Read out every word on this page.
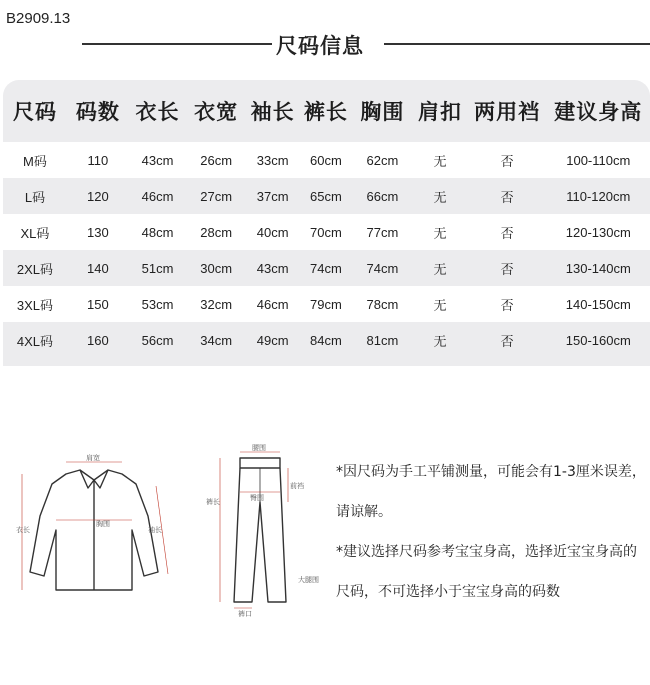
B2909.13
尺码信息
尺码	码数	衣长	衣宽	袖长	裤长	胸围	肩扣	两用裆	建议身高
M码	110	43cm	26cm	33cm	60cm	62cm	无	否	100-110cm
L码	120	46cm	27cm	37cm	65cm	66cm	无	否	110-120cm
XL码	130	48cm	28cm	40cm	70cm	77cm	无	否	120-130cm
2XL码	140	51cm	30cm	43cm	74cm	74cm	无	否	130-140cm
3XL码	150	53cm	32cm	46cm	79cm	78cm	无	否	140-150cm
4XL码	160	56cm	34cm	49cm	84cm	81cm	无	否	150-160cm
肩宽
衣长
胸围
袖长
腰围
裤长
前裆
臀围
大腿围
裤口

*因尺码为手工平铺测量，可能会有1-3厘米误差，请谅解。

*建议选择尺码参考宝宝身高，选择近宝宝身高的尺码，不可选择小于宝宝身高的码数
